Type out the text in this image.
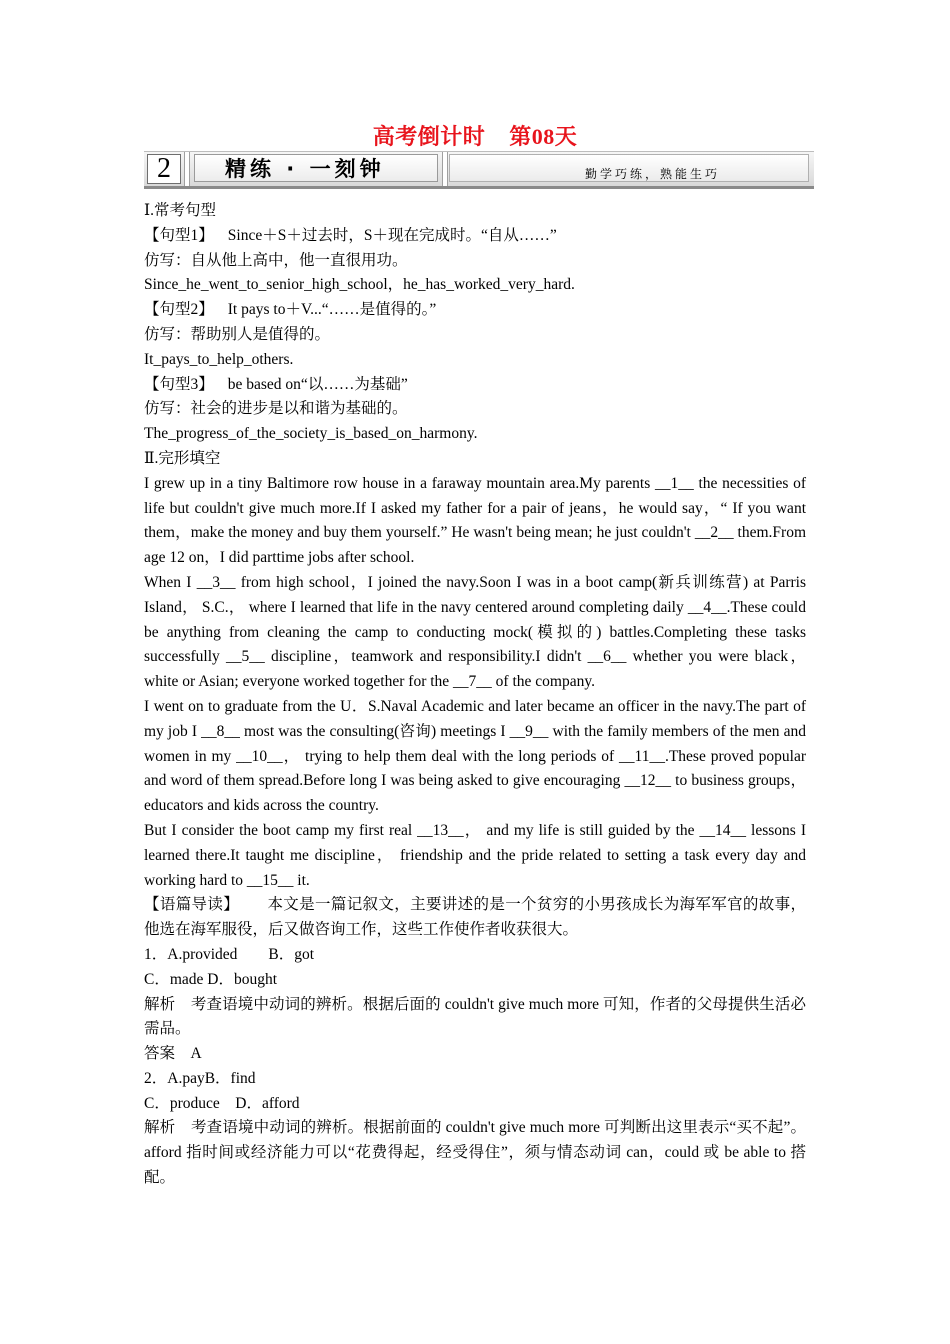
高考倒计时 第08天
2	精练 · 一刻钟	勤学巧练，熟能生巧

Ⅰ.常考句型

【句型1】 Since＋S＋过去时，S＋现在完成时。“自从……”

仿写：自从他上高中，他一直很用功。

Since_he_went_to_senior_high_school，he_has_worked_very_hard.

【句型2】 It pays to＋V...“……是值得的。”

仿写：帮助别人是值得的。

It_pays_to_help_others.

【句型3】 be based on“以……为基础”

仿写：社会的进步是以和谐为基础的。

The_progress_of_the_society_is_based_on_harmony.

Ⅱ.完形填空

I grew up in a tiny Baltimore row house in a faraway mountain area.My parents __1__ the necessities of life but couldn't give much more.If I asked my father for a pair of jeans，he would say，“ If you want them，make the money and buy them yourself.” He wasn't being mean; he just couldn't __2__ them.From age 12 on，I did parttime jobs after school.

When I __3__ from high school，I joined the navy.Soon I was in a boot camp(新兵训练营) at Parris Island， S.C.， where I learned that life in the navy centered around completing daily __4__.These could be anything from cleaning the camp to conducting mock(模拟的) battles.Completing these tasks successfully __5__ discipline，teamwork and responsibility.I didn't __6__ whether you were black， white or Asian; everyone worked together for the __7__ of the company.

I went on to graduate from the U．S.Naval Academic and later became an officer in the navy.The part of my job I __8__ most was the consulting(咨询) meetings I __9__ with the family members of the men and women in my __10__， trying to help them deal with the long periods of __11__.These proved popular and word of them spread.Before long I was being asked to give encouraging __12__ to business groups，educators and kids across the country.

But I consider the boot camp my first real __13__， and my life is still guided by the __14__ lessons I learned there.It taught me discipline， friendship and the pride related to setting a task every day and working hard to __15__ it.

【语篇导读】 本文是一篇记叙文，主要讲述的是一个贫穷的小男孩成长为海军军官的故事，他选在海军服役，后又做咨询工作，这些工作使作者收获很大。

1．A.provided　　B．got

C．made D．bought

解析　考查语境中动词的辨析。根据后面的 couldn't give much more 可知，作者的父母提供生活必需品。

答案　A

2．A.payB．find

C．produce　D．afford

解析　考查语境中动词的辨析。根据前面的 couldn't give much more 可判断出这里表示“买不起”。afford 指时间或经济能力可以“花费得起，经受得住”，须与情态动词 can，could 或 be able to 搭配。
